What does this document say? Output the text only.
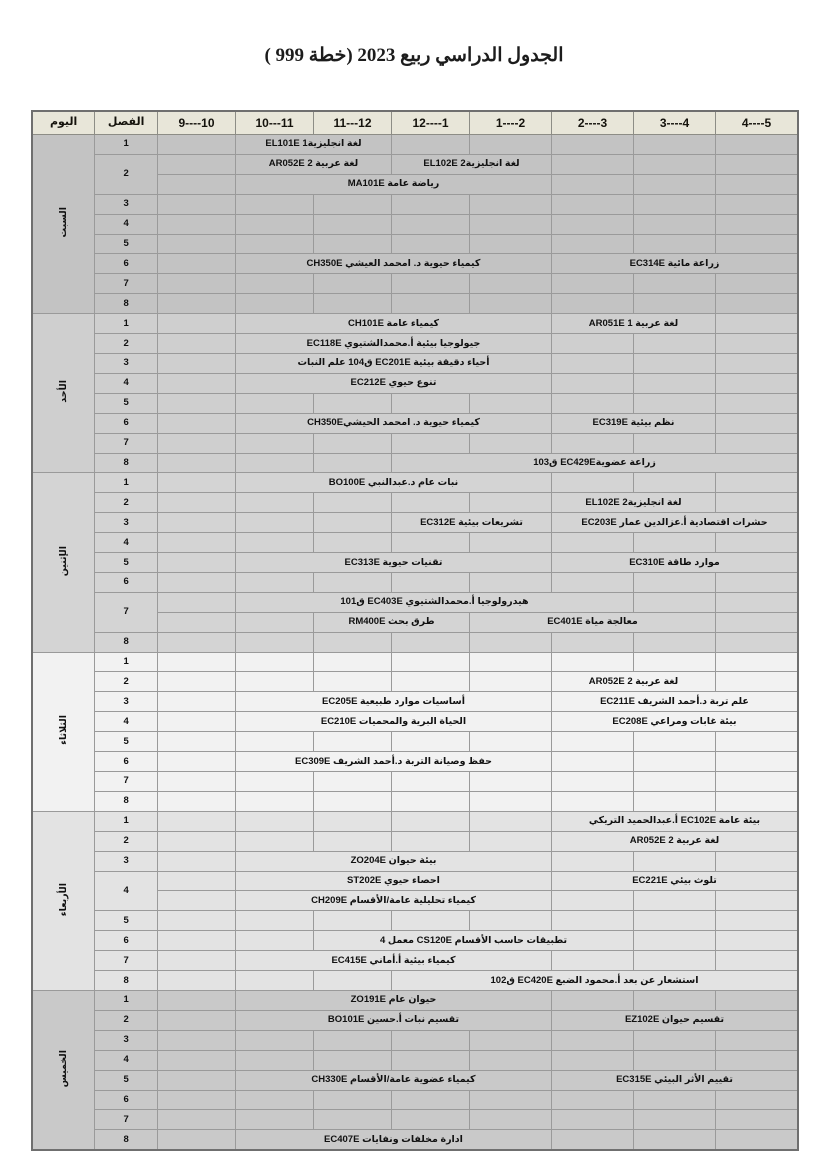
الجدول الدراسي ربيع 2023 (خطة 999 )
5----4	4----3	3----2	2----1	1----12	12---11	11---10	10----9	الفصل	اليوم
					لغة انجليزية1 EL101E			1	السبت
			لغة انجليزية2 EL102E		لغة عربية 2 AR052E			2	
			رياضة عامة MA101E						
								3	
								4	
								5	
زراعة مائية EC314E			كيمياء حيوية د. امحمد العيشي CH350E					6	
								7	
								8	
	لغة عربية 1 AR051E		كيمياء عامة CH101E					1	الأحد
			جيولوجيا بيئية أ.محمدالشتيوي EC118E					2	
			أحياء دقيقة بيئية EC201E ق104 علم النبات					3	
			تنوع حيوي EC212E					4	
								5	
	نظم بيئية EC319E		كيمياء حيوية د. امحمد الحيشيCH350E					6	
								7	
زراعة عضويةEC429E ق103								8	
			نبات عام د.عبدالنبي BO100E					1	الإثنين
	لغة انجليزية2 EL102E							2	
حشرات اقتصادية أ.عزالدين عمار EC203E			تشريعات بيئية EC312E					3	
								4	
موارد طاقة EC310E			تقنيات حيوية EC313E					5	
								6	
		هيدرولوجيا أ.محمدالشتيوي EC403E ق101						7	
	معالجة مياة EC401E			طرق بحث RM400E					
								8	
								1	الثلاثاء
	لغة عربية 2 AR052E							2	
علم تربة د.أحمد الشريف EC211E			أساسيات موارد طبيعية EC205E					3	
بيئة غابات ومراعي EC208E			الحياة البرية والمحميات EC210E					4	
								5	
			حفظ وصيانة التربة د.أحمد الشريف EC309E					6	
								7	
								8	
بيئة عامة EC102E أ.عبدالحميد التريكي								1	الأربعاء
لغة عربية 2 AR052E								2	
			بيئة حيوان ZO204E					3	
تلوث بيئي EC221E			احصاء حيوي ST202E					4	
			كيمياء تحليلية عامة/الأقسام CH209E						
								5	
		تطبيقات حاسب الأقسام CS120E معمل 4						6	
			كيمياء بيئية أ.أماني EC415E					7	
استشعار عن بعد أ.محمود الضبع EC420E ق102								8	
			حيوان عام ZO191E					1	الخميس
تقسيم حيوان EZ102E			تقسيم نبات أ.حسين BO101E					2	
								3	
								4	
تقييم الأثر البيئي EC315E			كيمياء عضوية عامة/الأقسام CH330E					5	
								6	
								7	
			ادارة مخلفات ونفايات EC407E					8	
